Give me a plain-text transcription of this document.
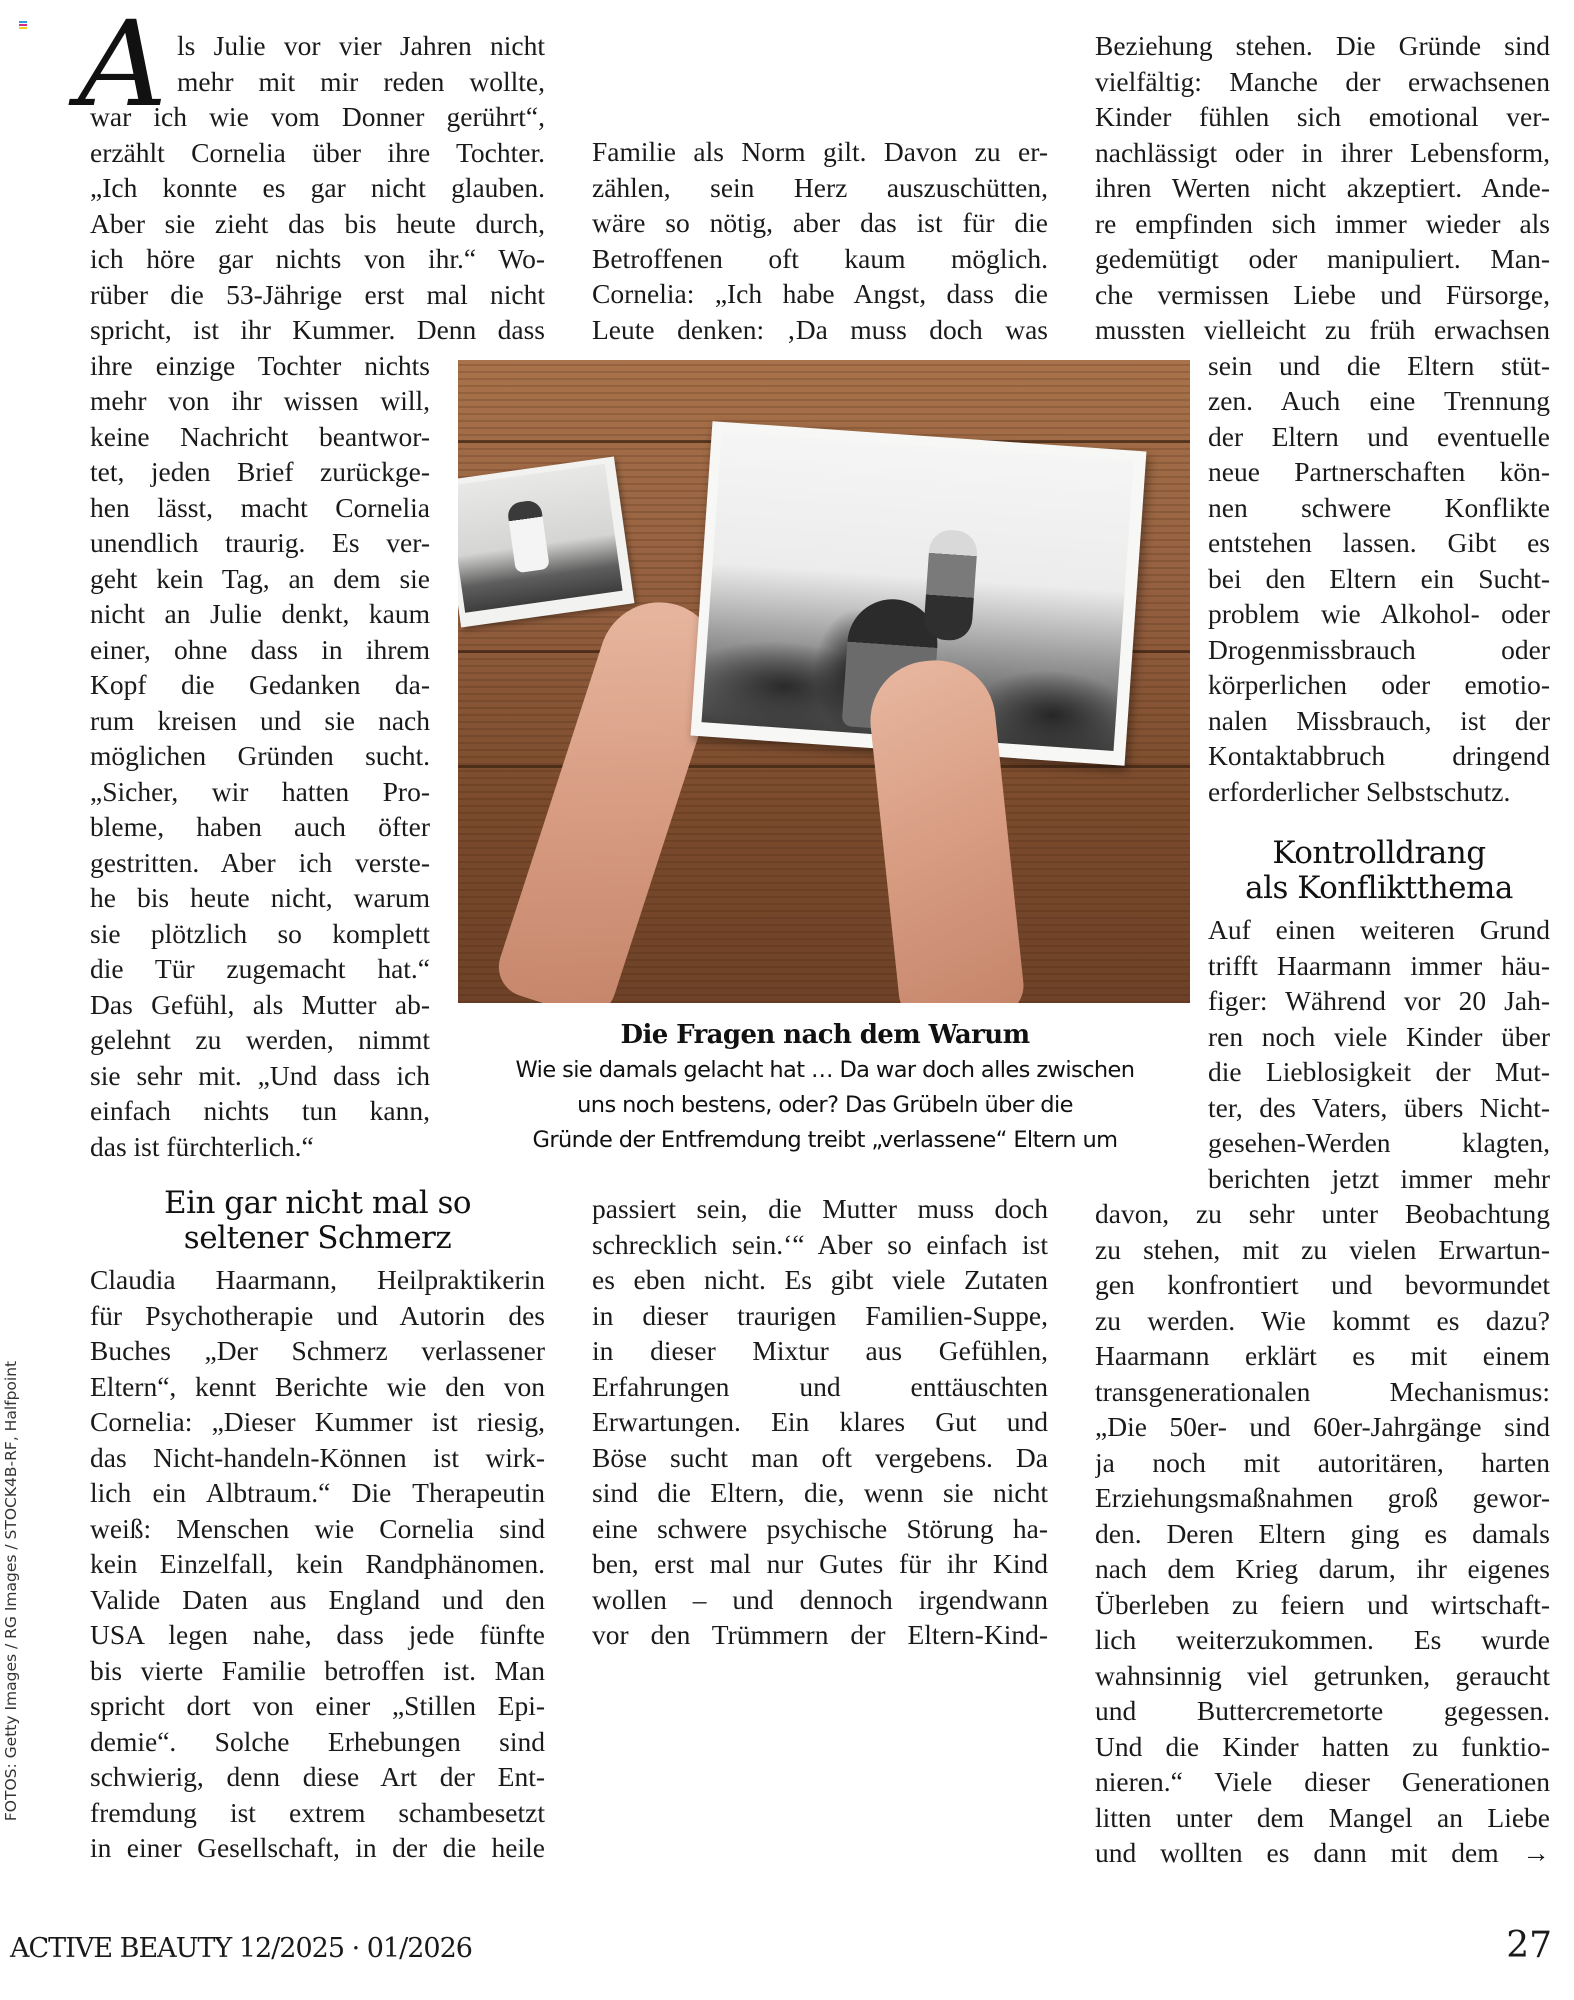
A ls Julie vor vier Jahren nicht
mehr mit mir reden wollte,
war ich wie vom Donner gerührt“,
erzählt Cornelia über ihre Tochter.
„Ich konnte es gar nicht glauben.
Aber sie zieht das bis heute durch,
ich höre gar nichts von ihr.“ Wo-
rüber die 53-Jährige erst mal nicht
spricht, ist ihr Kummer. Denn dass
ihre einzige Tochter nichts
mehr von ihr wissen will,
keine Nachricht beantwor-
tet, jeden Brief zurückge-
hen lässt, macht Cornelia
unendlich traurig. Es ver-
geht kein Tag, an dem sie
nicht an Julie denkt, kaum
einer, ohne dass in ihrem
Kopf die Gedanken da-
rum kreisen und sie nach
möglichen Gründen sucht.
„Sicher, wir hatten Pro-
bleme, haben auch öfter
gestritten. Aber ich verste-
he bis heute nicht, warum
sie plötzlich so komplett
die Tür zugemacht hat.“
Das Gefühl, als Mutter ab-
gelehnt zu werden, nimmt
sie sehr mit. „Und dass ich
einfach nichts tun kann,
das ist fürchterlich.“
Ein gar nicht mal so
seltener Schmerz
Claudia Haarmann, Heilpraktikerin
für Psychotherapie und Autorin des
Buches „Der Schmerz verlassener
Eltern“, kennt Berichte wie den von
Cornelia: „Dieser Kummer ist riesig,
das Nicht-handeln-Können ist wirk-
lich ein Albtraum.“ Die Therapeutin
weiß: Menschen wie Cornelia sind
kein Einzelfall, kein Randphänomen.
Valide Daten aus England und den
USA legen nahe, dass jede fünfte
bis vierte Familie betroffen ist. Man
spricht dort von einer „Stillen Epi-
demie“. Solche Erhebungen sind
schwierig, denn diese Art der Ent-
fremdung ist extrem schambesetzt
in einer Gesellschaft, in der die heile
Familie als Norm gilt. Davon zu er-
zählen, sein Herz auszuschütten,
wäre so nötig, aber das ist für die
Betroffenen oft kaum möglich.
Cornelia: „Ich habe Angst, dass die
Leute denken: ‚Da muss doch was
Die Fragen nach dem Warum
Wie sie damals gelacht hat … Da war doch alles zwischen
uns noch bestens, oder? Das Grübeln über die
Gründe der Entfremdung treibt „verlassene“ Eltern um
passiert sein, die Mutter muss doch
schrecklich sein.‘“ Aber so einfach ist
es eben nicht. Es gibt viele Zutaten
in dieser traurigen Familien-Suppe,
in dieser Mixtur aus Gefühlen,
Erfahrungen und enttäuschten
Erwartungen. Ein klares Gut und
Böse sucht man oft vergebens. Da
sind die Eltern, die, wenn sie nicht
eine schwere psychische Störung ha-
ben, erst mal nur Gutes für ihr Kind
wollen – und dennoch irgendwann
vor den Trümmern der Eltern-Kind-
Beziehung stehen. Die Gründe sind
vielfältig: Manche der erwachsenen
Kinder fühlen sich emotional ver-
nachlässigt oder in ihrer Lebensform,
ihren Werten nicht akzeptiert. Ande-
re empfinden sich immer wieder als
gedemütigt oder manipuliert. Man-
che vermissen Liebe und Fürsorge,
mussten vielleicht zu früh erwachsen
sein und die Eltern stüt-
zen. Auch eine Trennung
der Eltern und eventuelle
neue Partnerschaften kön-
nen schwere Konflikte
entstehen lassen. Gibt es
bei den Eltern ein Sucht-
problem wie Alkohol- oder
Drogenmissbrauch oder
körperlichen oder emotio-
nalen Missbrauch, ist der
Kontaktabbruch dringend
erforderlicher Selbstschutz.
Kontrolldrang
als Konfliktthema
Auf einen weiteren Grund
trifft Haarmann immer häu-
figer: Während vor 20 Jah-
ren noch viele Kinder über
die Lieblosigkeit der Mut-
ter, des Vaters, übers Nicht-
gesehen-Werden klagten,
berichten jetzt immer mehr
davon, zu sehr unter Beobachtung
zu stehen, mit zu vielen Erwartun-
gen konfrontiert und bevormundet
zu werden. Wie kommt es dazu?
Haarmann erklärt es mit einem
transgenerationalen Mechanismus:
„Die 50er- und 60er-Jahrgänge sind
ja noch mit autoritären, harten
Erziehungsmaßnahmen groß gewor-
den. Deren Eltern ging es damals
nach dem Krieg darum, ihr eigenes
Überleben zu feiern und wirtschaft-
lich weiterzukommen. Es wurde
wahnsinnig viel getrunken, geraucht
und Buttercremetorte gegessen.
Und die Kinder hatten zu funktio-
nieren.“ Viele dieser Generationen
litten unter dem Mangel an Liebe
und wollten es dann mit dem →
FOTOS: Getty Images / RG Images / STOCK4B-RF, Halfpoint
ACTIVE BEAUTY 12/2025 · 01/2026	27
